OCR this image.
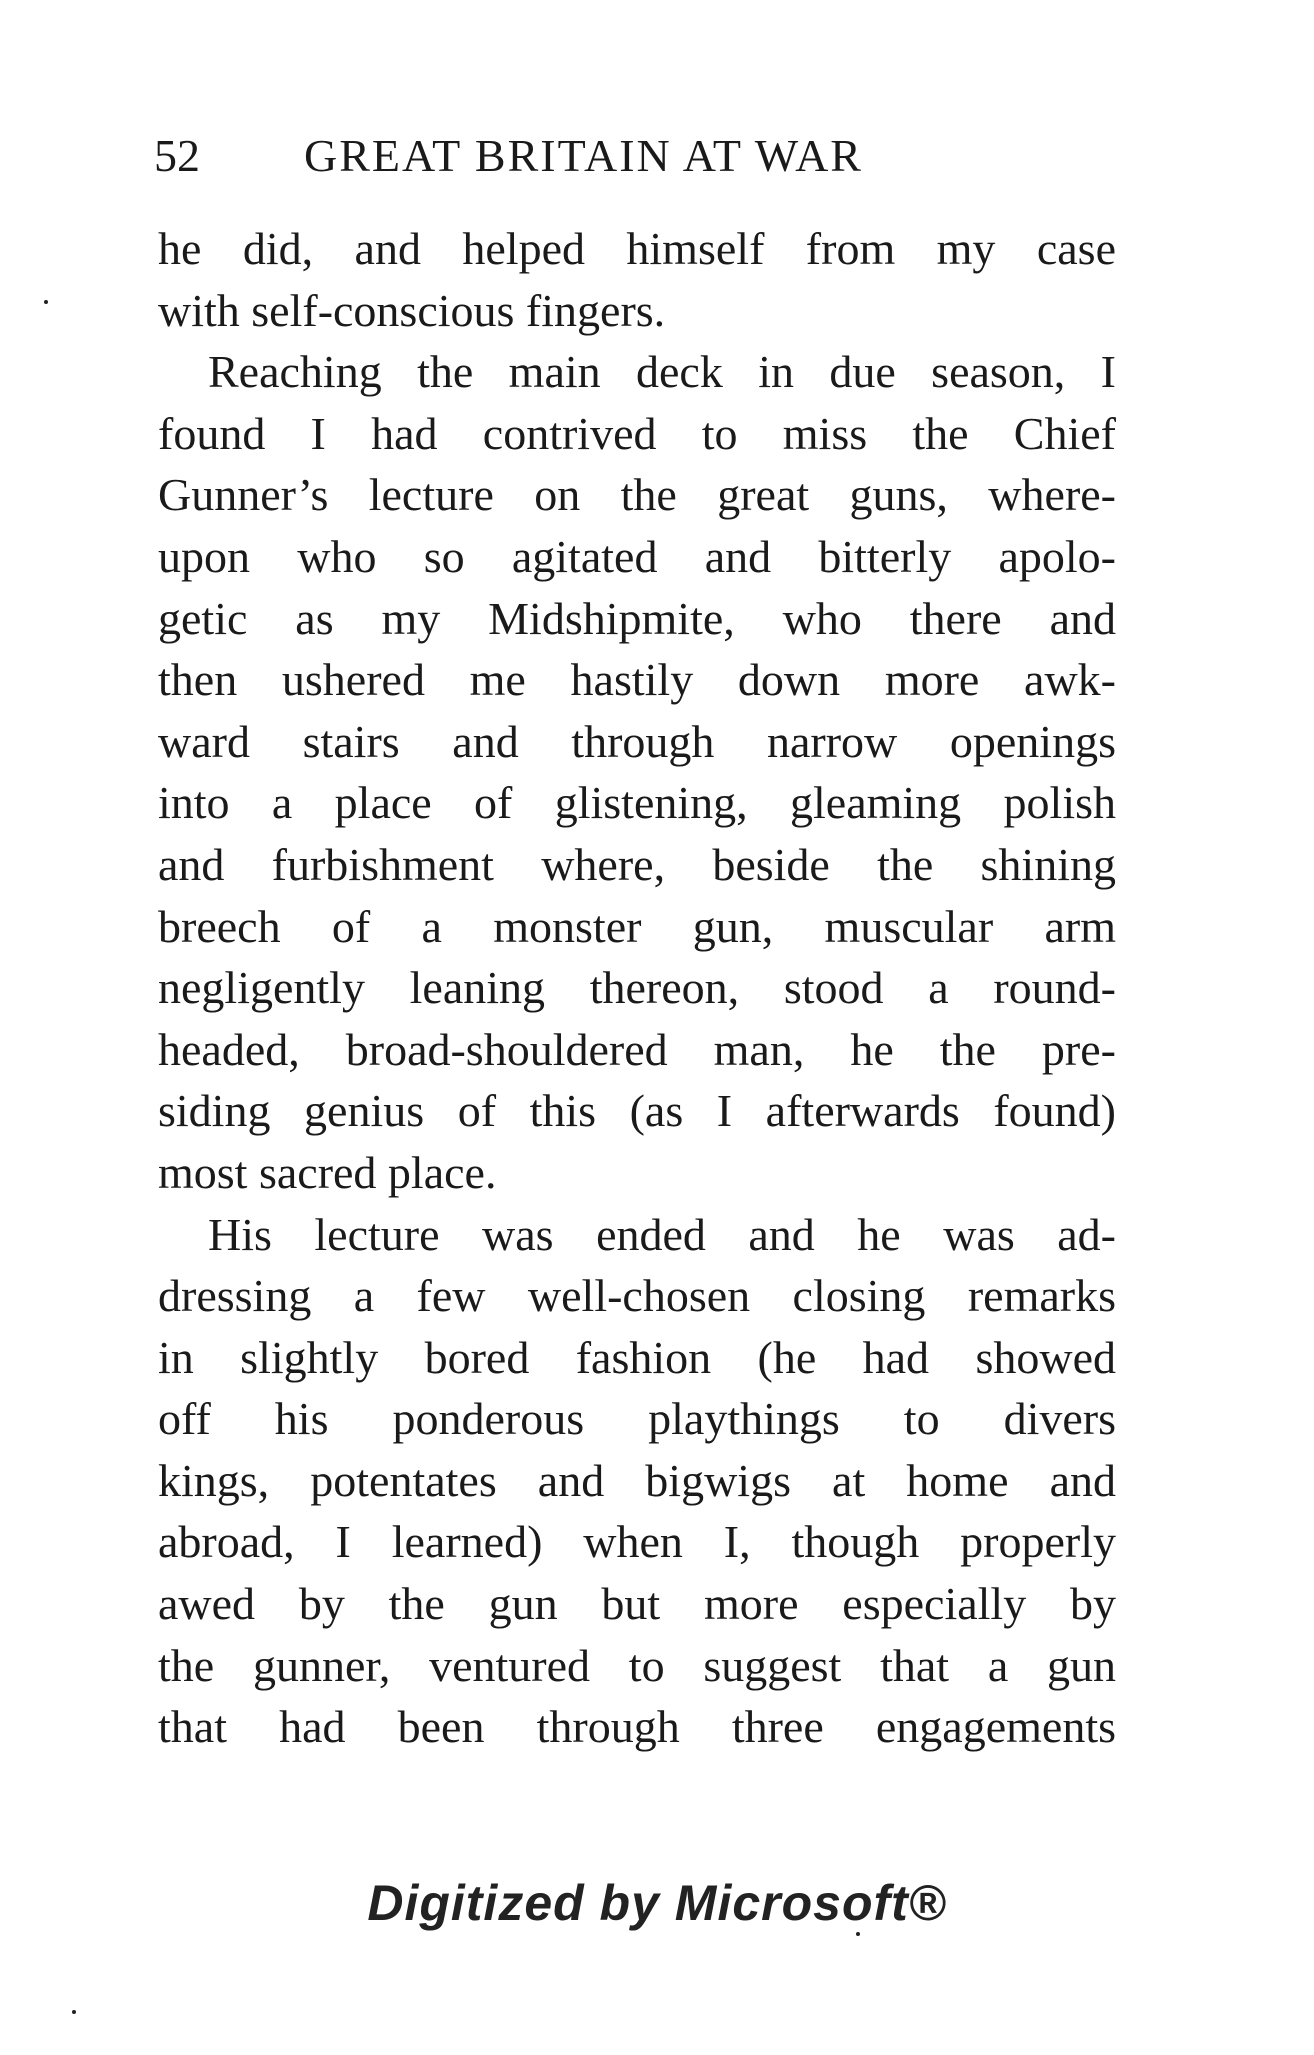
52 GREAT BRITAIN AT WAR
he did, and helped himself from my case
with self-conscious fingers.
Reaching the main deck in due season, I
found I had contrived to miss the Chief
Gunner’s lecture on the great guns, where-
upon who so agitated and bitterly apolo-
getic as my Midshipmite, who there and
then ushered me hastily down more awk-
ward stairs and through narrow openings
into a place of glistening, gleaming polish
and furbishment where, beside the shining
breech of a monster gun, muscular arm
negligently leaning thereon, stood a round-
headed, broad-shouldered man, he the pre-
siding genius of this (as I afterwards found)
most sacred place.
His lecture was ended and he was ad-
dressing a few well-chosen closing remarks
in slightly bored fashion (he had showed
off his ponderous playthings to divers
kings, potentates and bigwigs at home and
abroad, I learned) when I, though properly
awed by the gun but more especially by
the gunner, ventured to suggest that a gun
that had been through three engagements
Digitized by Microsoft®
